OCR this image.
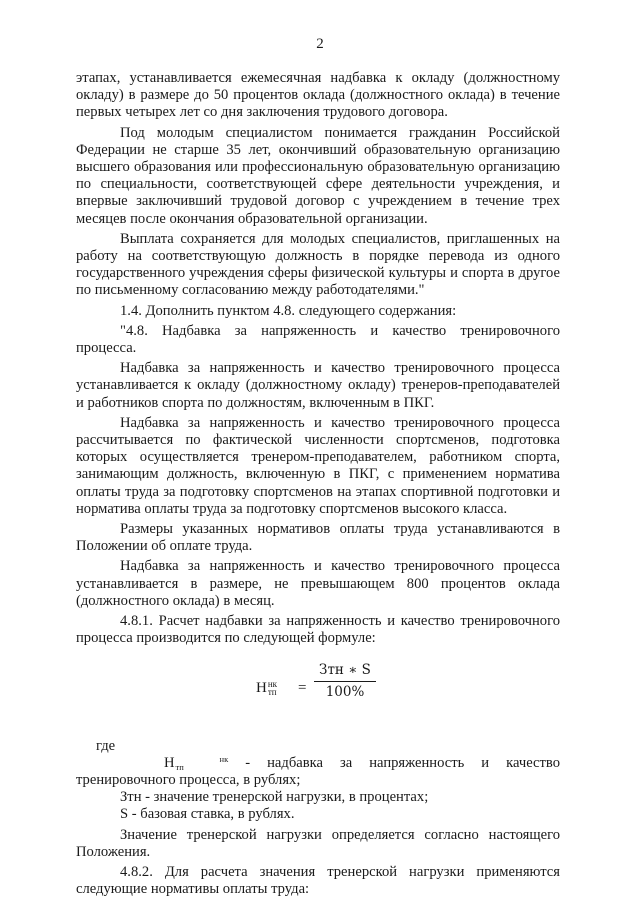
2

этапах, устанавливается ежемесячная надбавка к окладу (должностному окладу) в размере до 50 процентов оклада (должностного оклада) в течение первых четырех лет со дня заключения трудового договора.

Под молодым специалистом понимается гражданин Российской Федерации не старше 35 лет, окончивший образовательную организацию высшего образования или профессиональную образовательную организацию по специальности, соответствующей сфере деятельности учреждения, и впервые заключивший трудовой договор с учреждением в течение трех месяцев после окончания образовательной организации.

Выплата сохраняется для молодых специалистов, приглашенных на работу на соответствующую должность в порядке перевода из одного государственного учреждения сферы физической культуры и спорта в другое по письменному согласованию между работодателями."

1.4. Дополнить пунктом 4.8. следующего содержания:

"4.8. Надбавка за напряженность и качество тренировочного процесса.

Надбавка за напряженность и качество тренировочного процесса устанавливается к окладу (должностному окладу) тренеров-преподавателей и работников спорта по должностям, включенным в ПКГ.

Надбавка за напряженность и качество тренировочного процесса рассчитывается по фактической численности спортсменов, подготовка которых осуществляется тренером-преподавателем, работником спорта, занимающим должность, включенную в ПКГ, с применением норматива оплаты труда за подготовку спортсменов на этапах спортивной подготовки и норматива оплаты труда за подготовку спортсменов высокого класса.

Размеры указанных нормативов оплаты труда устанавливаются в Положении об оплате труда.

Надбавка за напряженность и качество тренировочного процесса устанавливается в размере, не превышающем 800 процентов оклада (должностного оклада) в месяц.

4.8.1. Расчет надбавки за напряженность и качество тренировочного процесса производится по следующей формуле:

Ннк
тп =
Зтн ∗ S
100%

где

Н	нк
тп	- надбавка за напряженность и качество тренировочного процесса, в рублях;

Зтн - значение тренерской нагрузки, в процентах;

S - базовая ставка, в рублях.

Значение тренерской нагрузки определяется согласно настоящего Положения.

4.8.2. Для расчета значения тренерской нагрузки применяются следующие нормативы оплаты труда:
